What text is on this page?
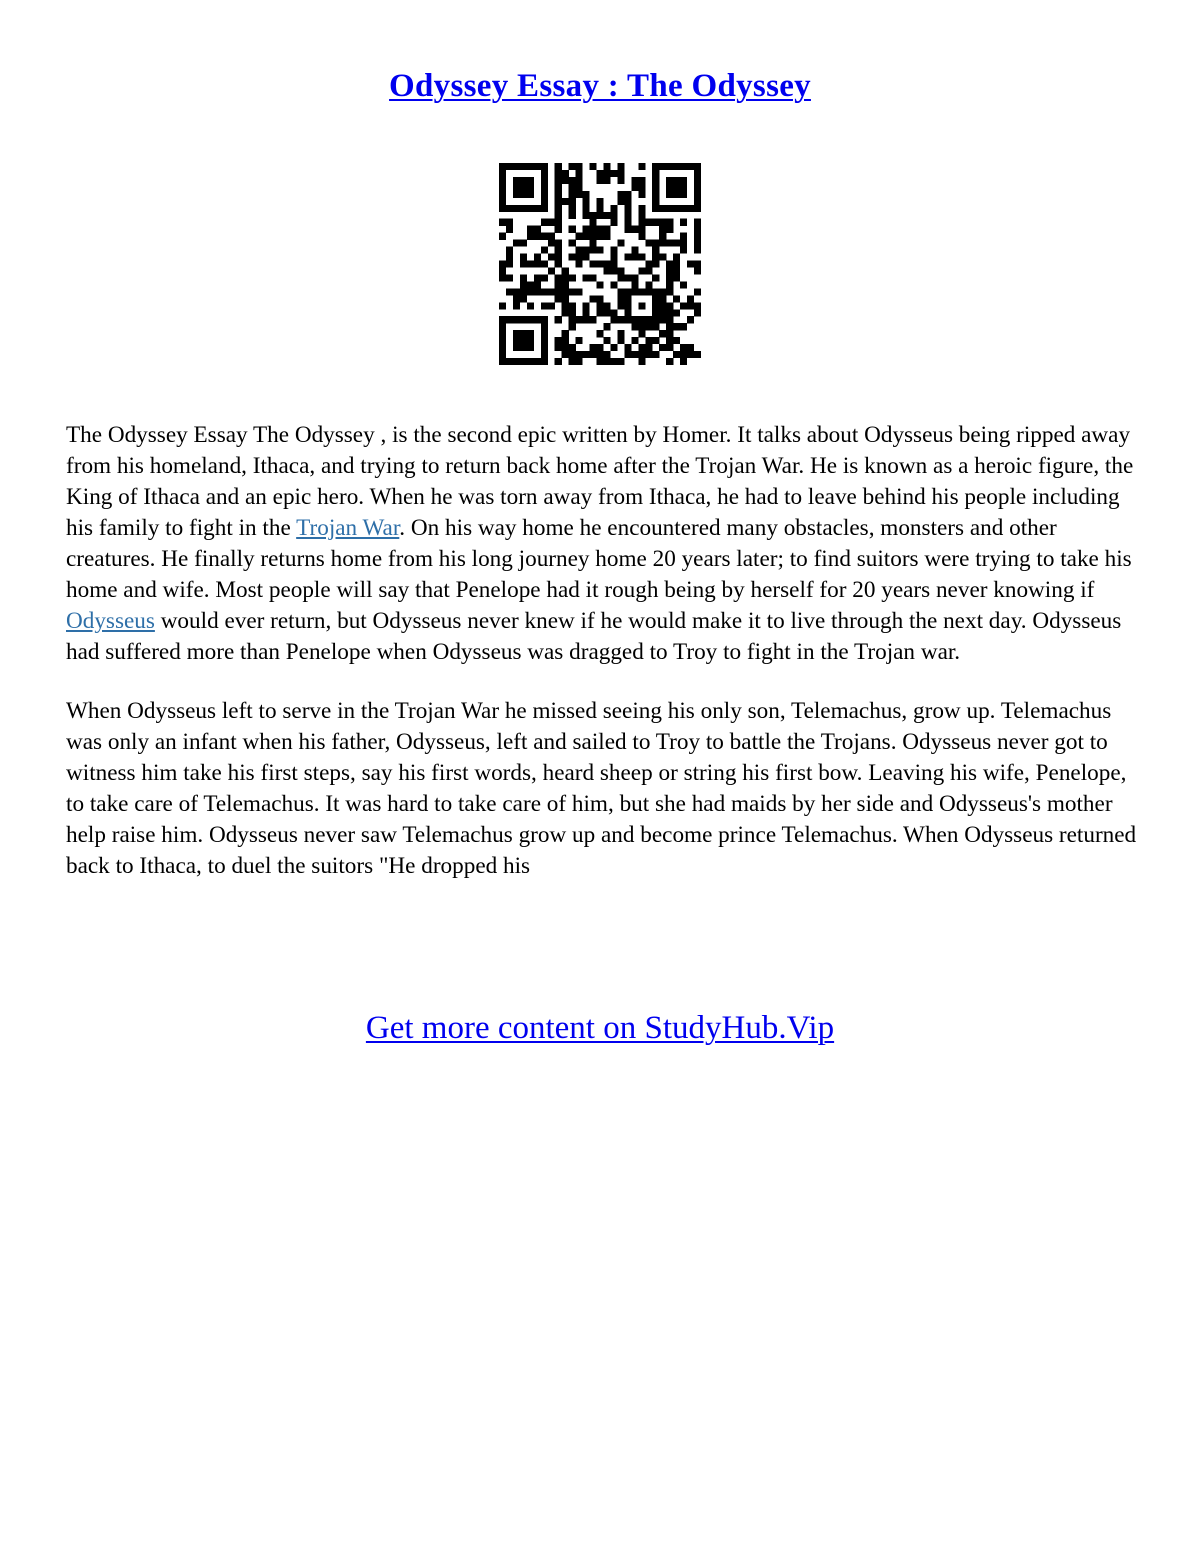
Odyssey Essay : The Odyssey

The Odyssey Essay The Odyssey , is the second epic written by Homer. It talks about Odysseus being ripped away from his homeland, Ithaca, and trying to return back home after the Trojan War. He is known as a heroic figure, the King of Ithaca and an epic hero. When he was torn away from Ithaca, he had to leave behind his people including his family to fight in the Trojan War. On his way home he encountered many obstacles, monsters and other creatures. He finally returns home from his long journey home 20 years later; to find suitors were trying to take his home and wife. Most people will say that Penelope had it rough being by herself for 20 years never knowing if Odysseus would ever return, but Odysseus never knew if he would make it to live through the next day. Odysseus had suffered more than Penelope when Odysseus was dragged to Troy to fight in the Trojan war.

When Odysseus left to serve in the Trojan War he missed seeing his only son, Telemachus, grow up. Telemachus was only an infant when his father, Odysseus, left and sailed to Troy to battle the Trojans. Odysseus never got to witness him take his first steps, say his first words, heard sheep or string his first bow. Leaving his wife, Penelope, to take care of Telemachus. It was hard to take care of him, but she had maids by her side and Odysseus's mother help raise him. Odysseus never saw Telemachus grow up and become prince Telemachus. When Odysseus returned back to Ithaca, to duel the suitors "He dropped his

Get more content on StudyHub.Vip
